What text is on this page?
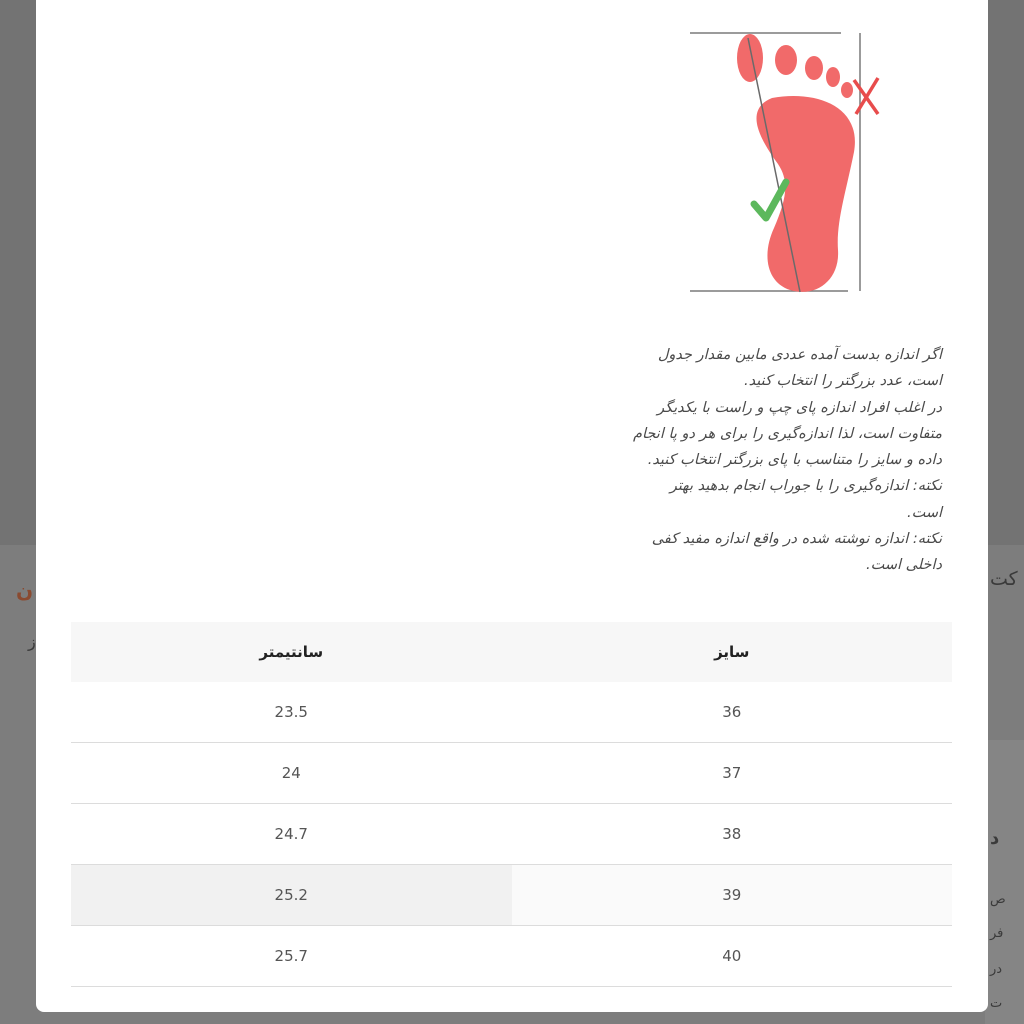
کت
ن
ز
د
ص
فر
در
ت

اگر اندازه بدست آمده عددی مابین مقدار جدول

است، عدد بزرگتر را انتخاب کنید.

در اغلب افراد اندازه پای چپ و راست با یکدیگر

متفاوت است، لذا اندازه‌گیری را برای هر دو پا انجام

داده و سایز را متناسب با پای بزرگتر انتخاب کنید.

نکته: اندازه‌گیری را با جوراب انجام بدهید بهتر

است.

نکته: اندازه نوشته شده در واقع اندازه مفید کفی

داخلی است.

سایز	سانتیمتر
36	23.5
37	24
38	24.7
39	25.2
40	25.7
